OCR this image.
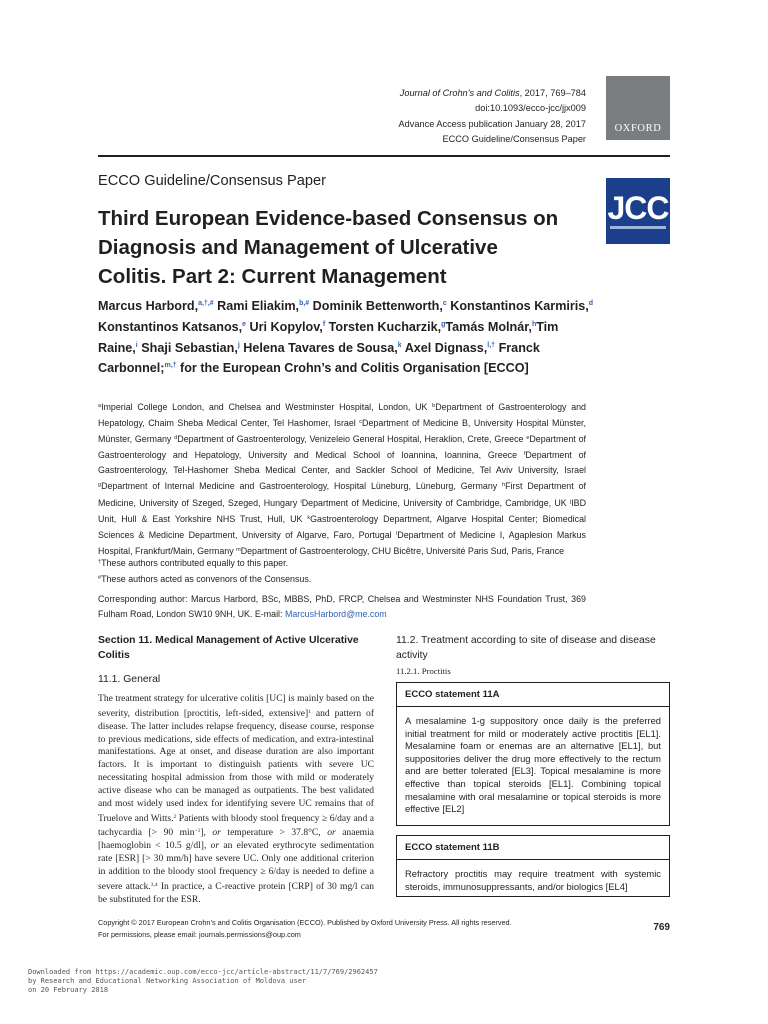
Journal of Crohn’s and Colitis, 2017, 769–784
doi:10.1093/ecco-jcc/jjx009
Advance Access publication January 28, 2017
ECCO Guideline/Consensus Paper
OXFORD
ECCO Guideline/Consensus Paper
JCC
Third European Evidence-based Consensus on Diagnosis and Management of Ulcerative Colitis. Part 2: Current Management
Marcus Harbord,$^{a,\dagger,\#}$ Rami Eliakim,$^{b,\#}$ Dominik Bettenworth,$^c$ Konstantinos Karmiris,$^d$ Konstantinos Katsanos,$^e$ Uri Kopylov,$^f$ Torsten Kucharzik,$^g$Tamás Molnár,$^h$Tim Raine,$^i$ Shaji Sebastian,$^j$ Helena Tavares de Sousa,$^k$ Axel Dignass,$^{l,\dagger}$ Franck Carbonnel;$^{m,\dagger}$ for the European Crohn’s and Colitis Organisation [ECCO]
$^a$Imperial College London, and Chelsea and Westminster Hospital, London, UK $^b$Department of Gastroenterology and Hepatology, Chaim Sheba Medical Center, Tel Hashomer, Israel $^c$Department of Medicine B, University Hospital Münster, Münster, Germany $^d$Department of Gastroenterology, Venizeleio General Hospital, Heraklion, Crete, Greece $^e$Department of Gastroenterology and Hepatology, University and Medical School of Ioannina, Ioannina, Greece $^f$Department of Gastroenterology, Tel-Hashomer Sheba Medical Center, and Sackler School of Medicine, Tel Aviv University, Israel $^g$Department of Internal Medicine and Gastroenterology, Hospital Lüneburg, Lüneburg, Germany $^h$First Department of Medicine, University of Szeged, Szeged, Hungary $^i$Department of Medicine, University of Cambridge, Cambridge, UK $^j$IBD Unit, Hull & East Yorkshire NHS Trust, Hull, UK $^k$Gastroenterology Department, Algarve Hospital Center; Biomedical Sciences & Medicine Department, University of Algarve, Faro, Portugal $^l$Department of Medicine I, Agaplesion Markus Hospital, Frankfurt/Main, Germany $^m$Department of Gastroenterology, CHU Bicêtre, Université Paris Sud, Paris, France
†These authors contributed equally to this paper.
#These authors acted as convenors of the Consensus.
Corresponding author: Marcus Harbord, BSc, MBBS, PhD, FRCP, Chelsea and Westminster NHS Foundation Trust, 369 Fulham Road, London SW10 9NH, UK. E-mail: MarcusHarbord@me.com
Section 11. Medical Management of Active Ulcerative Colitis
11.1. General
The treatment strategy for ulcerative colitis [UC] is mainly based on the severity, distribution [proctitis, left-sided, extensive]$^1$ and pattern of disease. The latter includes relapse frequency, disease course, response to previous medications, side effects of medication, and extra-intestinal manifestations. Age at onset, and disease duration are also important factors. It is important to distinguish patients with severe UC necessitating hospital admission from those with mild or moderately active disease who can be managed as outpatients. The best validated and most widely used index for identifying severe UC remains that of Truelove and Witts.$^2$ Patients with bloody stool frequency ≥ 6/day and a tachycardia [> 90 $\min^{-1}$], or temperature > 37.8°C, or anaemia [haemoglobin < 10.5 g/dl], or an elevated erythrocyte sedimentation rate [ESR] [> 30 mm/h] have severe UC. Only one additional criterion in addition to the bloody stool frequency ≥ 6/day is needed to define a severe attack.$^{3,4}$ In practice, a C-reactive protein [CRP] of 30 mg/l can be substituted for the ESR.
11.2. Treatment according to site of disease and disease activity
11.2.1. Proctitis
ECCO statement 11A
A mesalamine 1-g suppository once daily is the preferred initial treatment for mild or moderately active proctitis [EL1]. Mesalamine foam or enemas are an alternative [EL1], but suppositories deliver the drug more effectively to the rectum and are better tolerated [EL3]. Topical mesalamine is more effective than topical steroids [EL1]. Combining topical mesalamine with oral mesalamine or topical steroids is more effective [EL2]
ECCO statement 11B
Refractory proctitis may require treatment with systemic steroids, immunosuppressants, and/or biologics [EL4]
Copyright © 2017 European Crohn’s and Colitis Organisation (ECCO). Published by Oxford University Press. All rights reserved.
For permissions, please email: journals.permissions@oup.com
769
Downloaded from https://academic.oup.com/ecco-jcc/article-abstract/11/7/769/2962457
by Research and Educational Networking Association of Moldova user
on 20 February 2018
